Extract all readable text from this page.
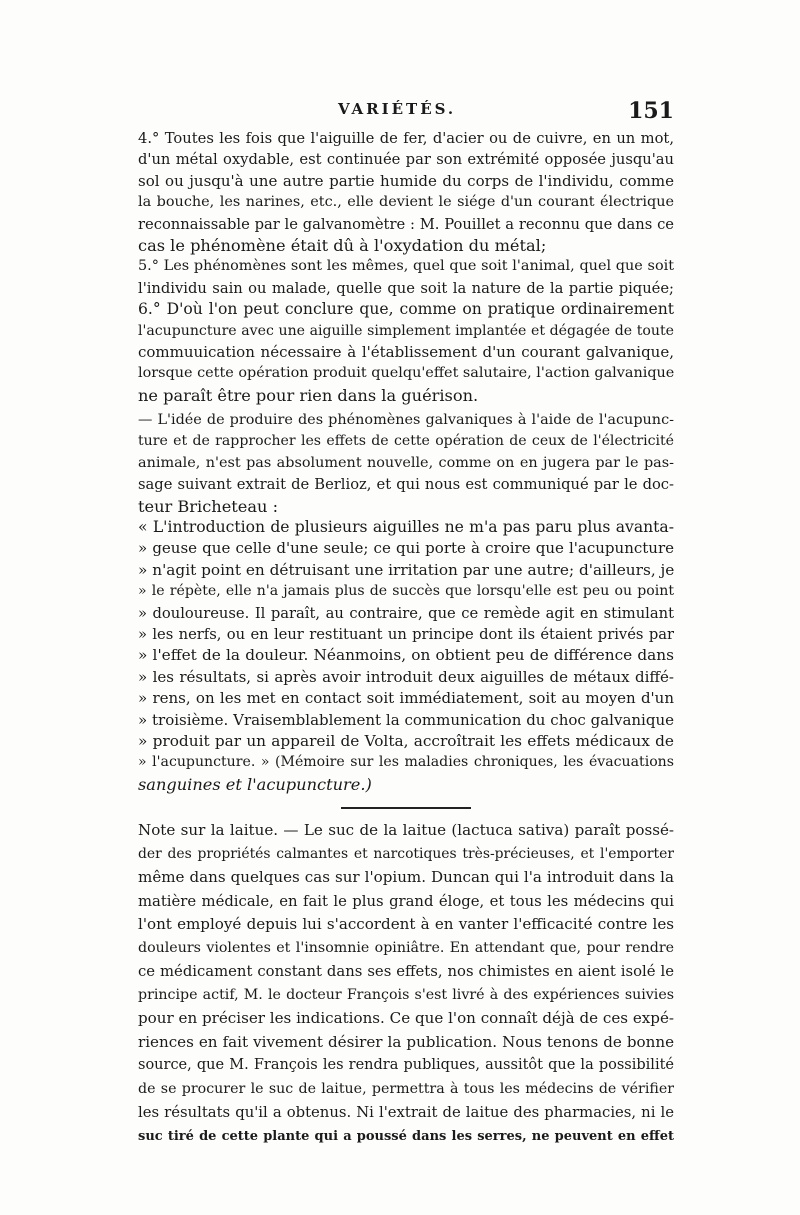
VARIÉTÉS.	151
4.° Toutes les fois que l'aiguille de fer, d'acier ou de cuivre, en un mot,
d'un métal oxydable, est continuée par son extrémité opposée jusqu'au
sol ou jusqu'à une autre partie humide du corps de l'individu, comme
la bouche, les narines, etc., elle devient le siége d'un courant électrique
reconnaissable par le galvanomètre : M. Pouillet a reconnu que dans ce
cas le phénomène était dû à l'oxydation du métal;
5.° Les phénomènes sont les mêmes, quel que soit l'animal, quel que soit
l'individu sain ou malade, quelle que soit la nature de la partie piquée;
6.° D'où l'on peut conclure que, comme on pratique ordinairement
l'acupuncture avec une aiguille simplement implantée et dégagée de toute
commuuication nécessaire à l'établissement d'un courant galvanique,
lorsque cette opération produit quelqu'effet salutaire, l'action galvanique
ne paraît être pour rien dans la guérison.
— L'idée de produire des phénomènes galvaniques à l'aide de l'acupunc-
ture et de rapprocher les effets de cette opération de ceux de l'électricité
animale, n'est pas absolument nouvelle, comme on en jugera par le pas-
sage suivant extrait de Berlioz, et qui nous est communiqué par le doc-
teur Bricheteau :
« L'introduction de plusieurs aiguilles ne m'a pas paru plus avanta-
» geuse que celle d'une seule; ce qui porte à croire que l'acupuncture
» n'agit point en détruisant une irritation par une autre; d'ailleurs, je
» le répète, elle n'a jamais plus de succès que lorsqu'elle est peu ou point
» douloureuse. Il paraît, au contraire, que ce remède agit en stimulant
» les nerfs, ou en leur restituant un principe dont ils étaient privés par
» l'effet de la douleur. Néanmoins, on obtient peu de différence dans
» les résultats, si après avoir introduit deux aiguilles de métaux diffé-
» rens, on les met en contact soit immédiatement, soit au moyen d'un
» troisième. Vraisemblablement la communication du choc galvanique
» produit par un appareil de Volta, accroîtrait les effets médicaux de
» l'acupuncture. » (Mémoire sur les maladies chroniques, les évacuations
sanguines et l'acupuncture.)
Note sur la laitue. — Le suc de la laitue (lactuca sativa) paraît possé-
der des propriétés calmantes et narcotiques très-précieuses, et l'emporter
même dans quelques cas sur l'opium. Duncan qui l'a introduit dans la
matière médicale, en fait le plus grand éloge, et tous les médecins qui
l'ont employé depuis lui s'accordent à en vanter l'efficacité contre les
douleurs violentes et l'insomnie opiniâtre. En attendant que, pour rendre
ce médicament constant dans ses effets, nos chimistes en aient isolé le
principe actif, M. le docteur François s'est livré à des expériences suivies
pour en préciser les indications. Ce que l'on connaît déjà de ces expé-
riences en fait vivement désirer la publication. Nous tenons de bonne
source, que M. François les rendra publiques, aussitôt que la possibilité
de se procurer le suc de laitue, permettra à tous les médecins de vérifier
les résultats qu'il a obtenus. Ni l'extrait de laitue des pharmacies, ni le
suc tiré de cette plante qui a poussé dans les serres, ne peuvent en effet
